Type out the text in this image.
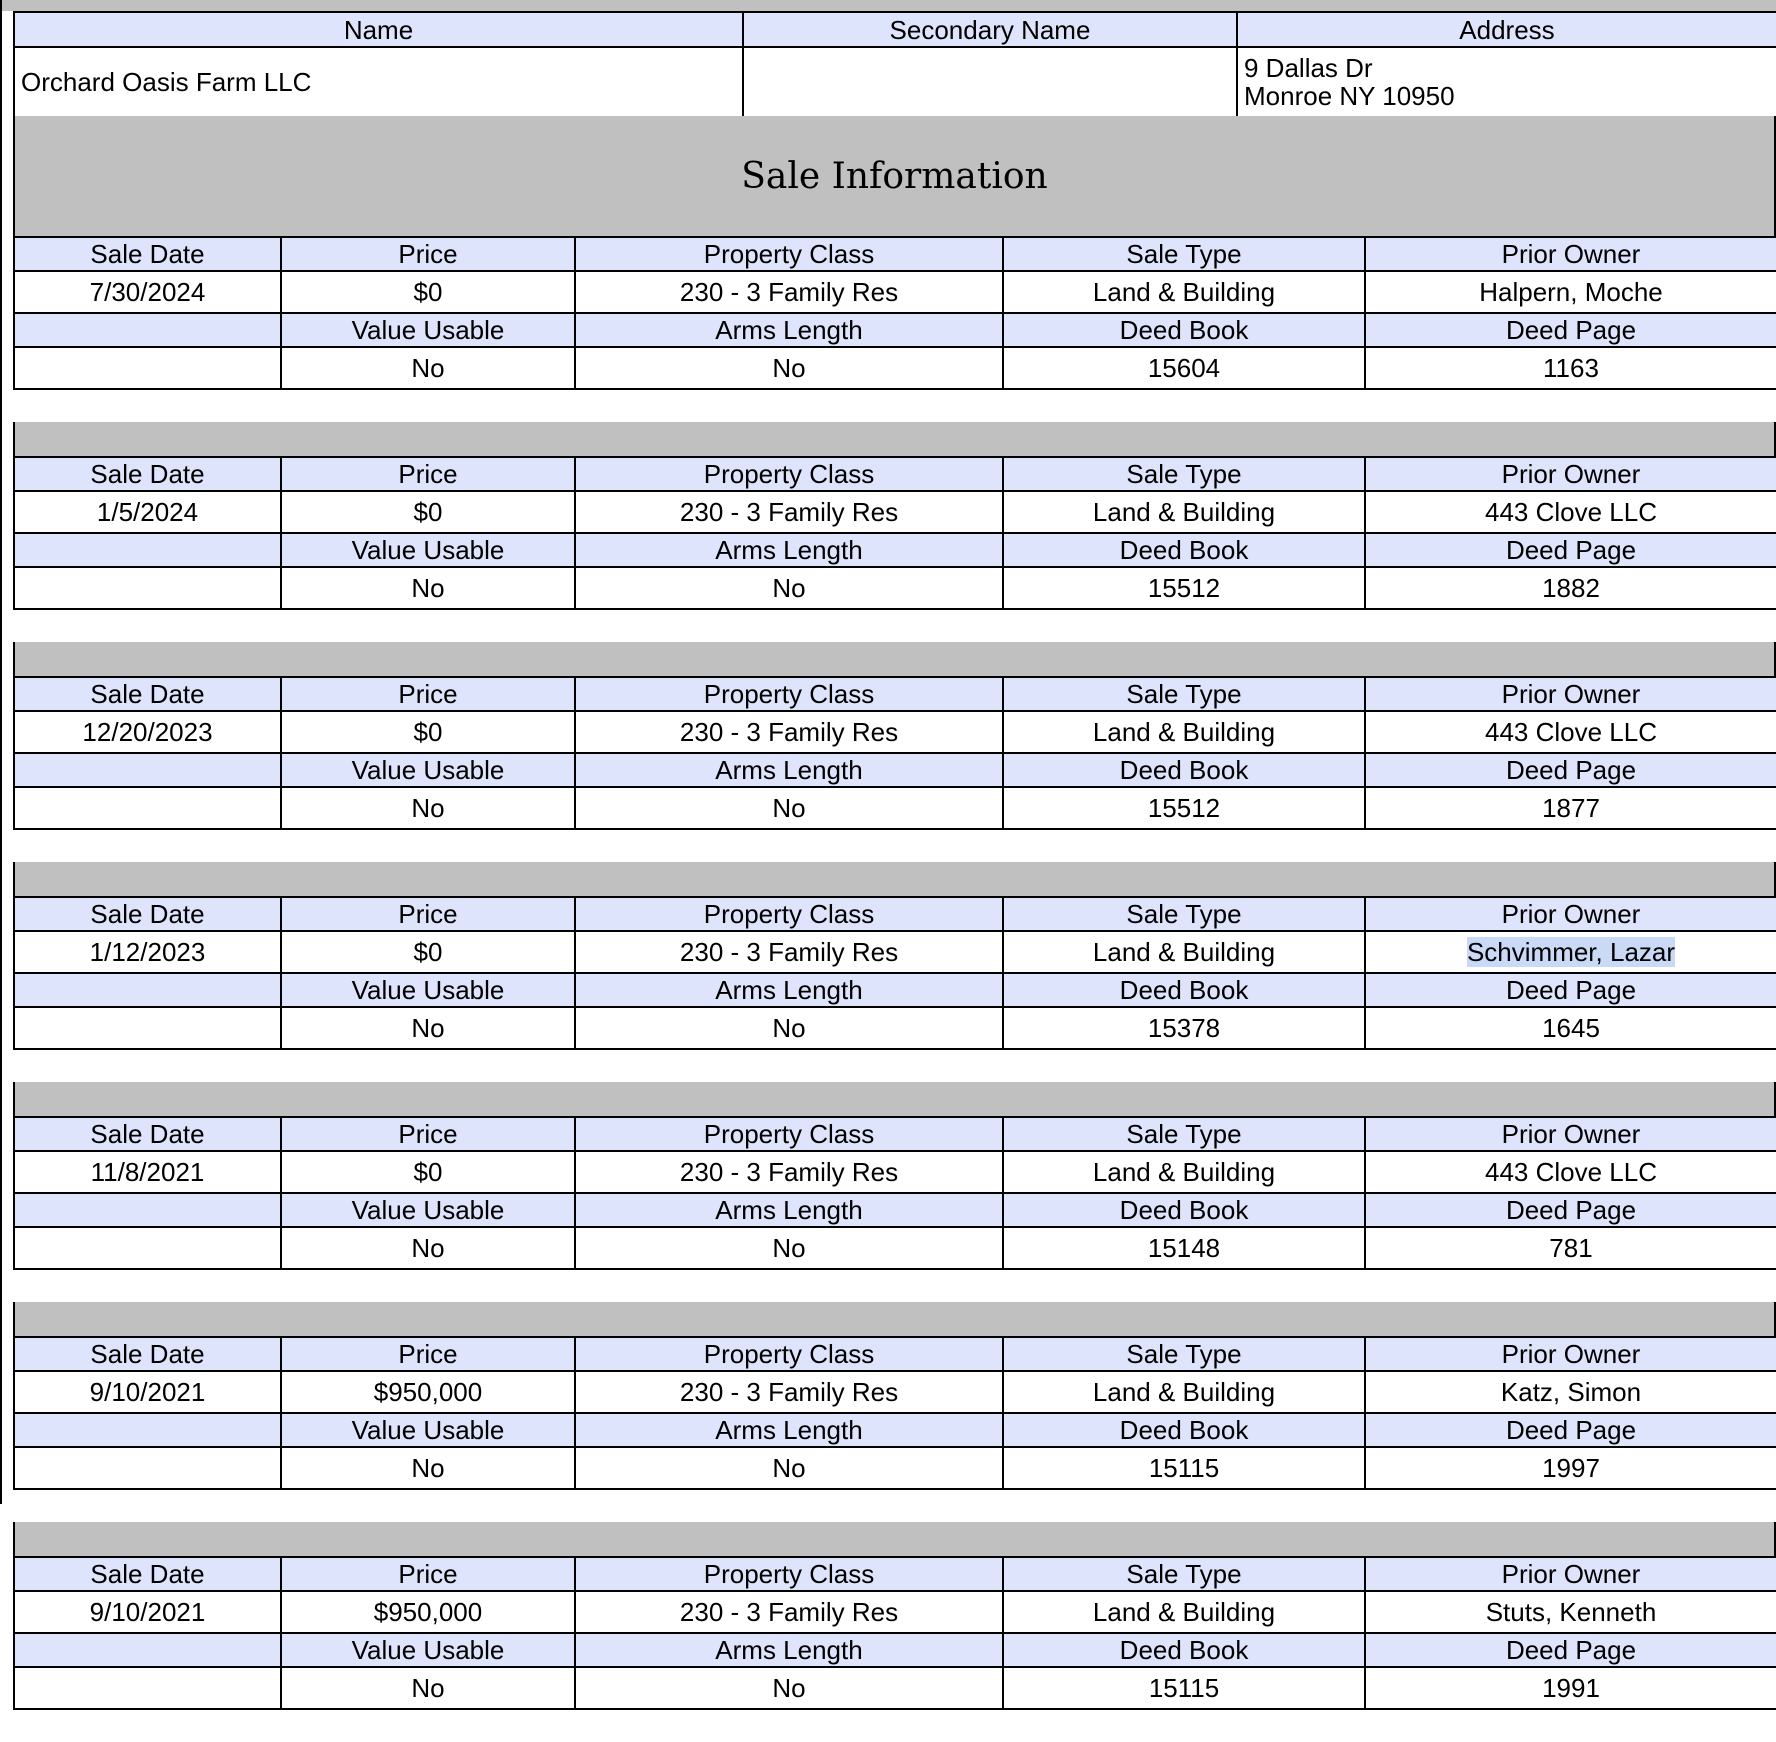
Name	Secondary Name	Address
Orchard Oasis Farm LLC		9 Dallas Dr
Monroe NY 10950
Sale Information
Sale Date	Price	Property Class	Sale Type	Prior Owner
7/30/2024	$0	230 - 3 Family Res	Land & Building	Halpern, Moche
	Value Usable	Arms Length	Deed Book	Deed Page
	No	No	15604	1163
Sale Date	Price	Property Class	Sale Type	Prior Owner
1/5/2024	$0	230 - 3 Family Res	Land & Building	443 Clove LLC
	Value Usable	Arms Length	Deed Book	Deed Page
	No	No	15512	1882
Sale Date	Price	Property Class	Sale Type	Prior Owner
12/20/2023	$0	230 - 3 Family Res	Land & Building	443 Clove LLC
	Value Usable	Arms Length	Deed Book	Deed Page
	No	No	15512	1877
Sale Date	Price	Property Class	Sale Type	Prior Owner
1/12/2023	$0	230 - 3 Family Res	Land & Building	Schvimmer, Lazar
	Value Usable	Arms Length	Deed Book	Deed Page
	No	No	15378	1645
Sale Date	Price	Property Class	Sale Type	Prior Owner
11/8/2021	$0	230 - 3 Family Res	Land & Building	443 Clove LLC
	Value Usable	Arms Length	Deed Book	Deed Page
	No	No	15148	781
Sale Date	Price	Property Class	Sale Type	Prior Owner
9/10/2021	$950,000	230 - 3 Family Res	Land & Building	Katz, Simon
	Value Usable	Arms Length	Deed Book	Deed Page
	No	No	15115	1997
Sale Date	Price	Property Class	Sale Type	Prior Owner
9/10/2021	$950,000	230 - 3 Family Res	Land & Building	Stuts, Kenneth
	Value Usable	Arms Length	Deed Book	Deed Page
	No	No	15115	1991
